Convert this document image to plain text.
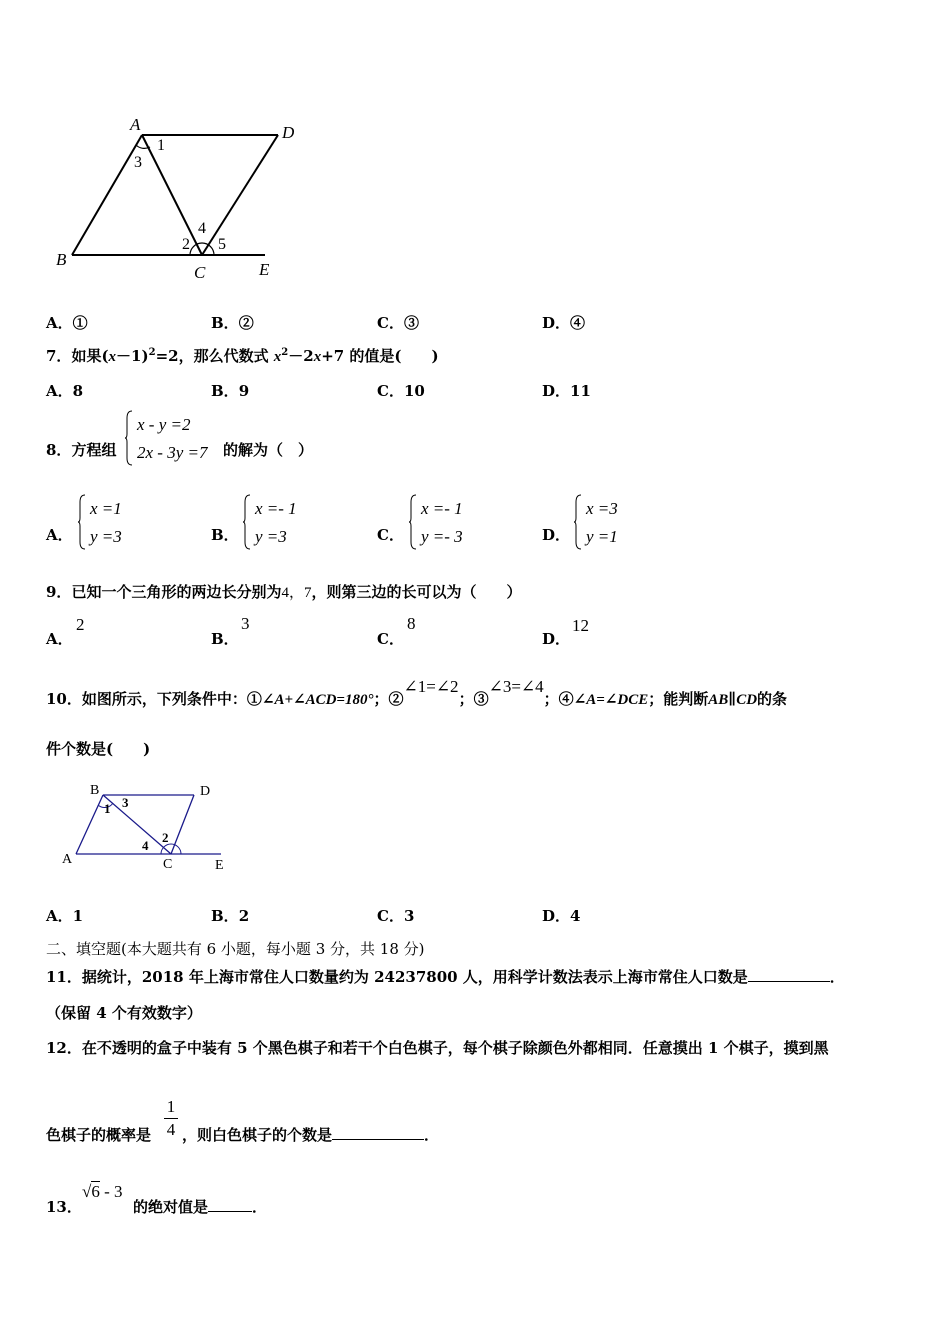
A	D
B
C	E
1
3
2
4
5
A．①	B．②	C．③	D．④
7．如果$(x-1)^2=2$，那么代数式 $x^2-2x+7$ 的值是(　　)
A．8	B．9	C．10	D．11
8．方程组
x - y =2
2x - 3y =7 的解为（　）
A．
x =1
y =3	B．
x =- 1
y =3	C．
x =- 1
y =- 3	D．
x =3
y =1
9．已知一个三角形的两边长分别为4，7，则第三边的长可以为（　　）
A．
2
B．
3
C．
8
D．
12
10．如图所示，下列条件中：①∠A+∠ACD=180°；②∠1=∠2；③∠3=∠4；④∠A=∠DCE；能判断AB∥CD的条
件个数是(　　)
B	D
A	C	E
1 3
2
4
A．1	B．2	C．3	D．4
二、填空题(本大题共有 6 小题，每小题 3 分，共 18 分)
11．据统计，2018 年上海市常住人口数量约为 24237800 人，用科学计数法表示上海市常住人口数是	．
（保留 4 个有效数字）
12．在不透明的盒子中装有 5 个黑色棋子和若干个白色棋子，每个棋子除颜色外都相同．任意摸出 1 个棋子，摸到黑
色棋子的概率是
1
4 ，则白色棋子的个数是	．
13．
√6 - 3
的绝对值是	．
